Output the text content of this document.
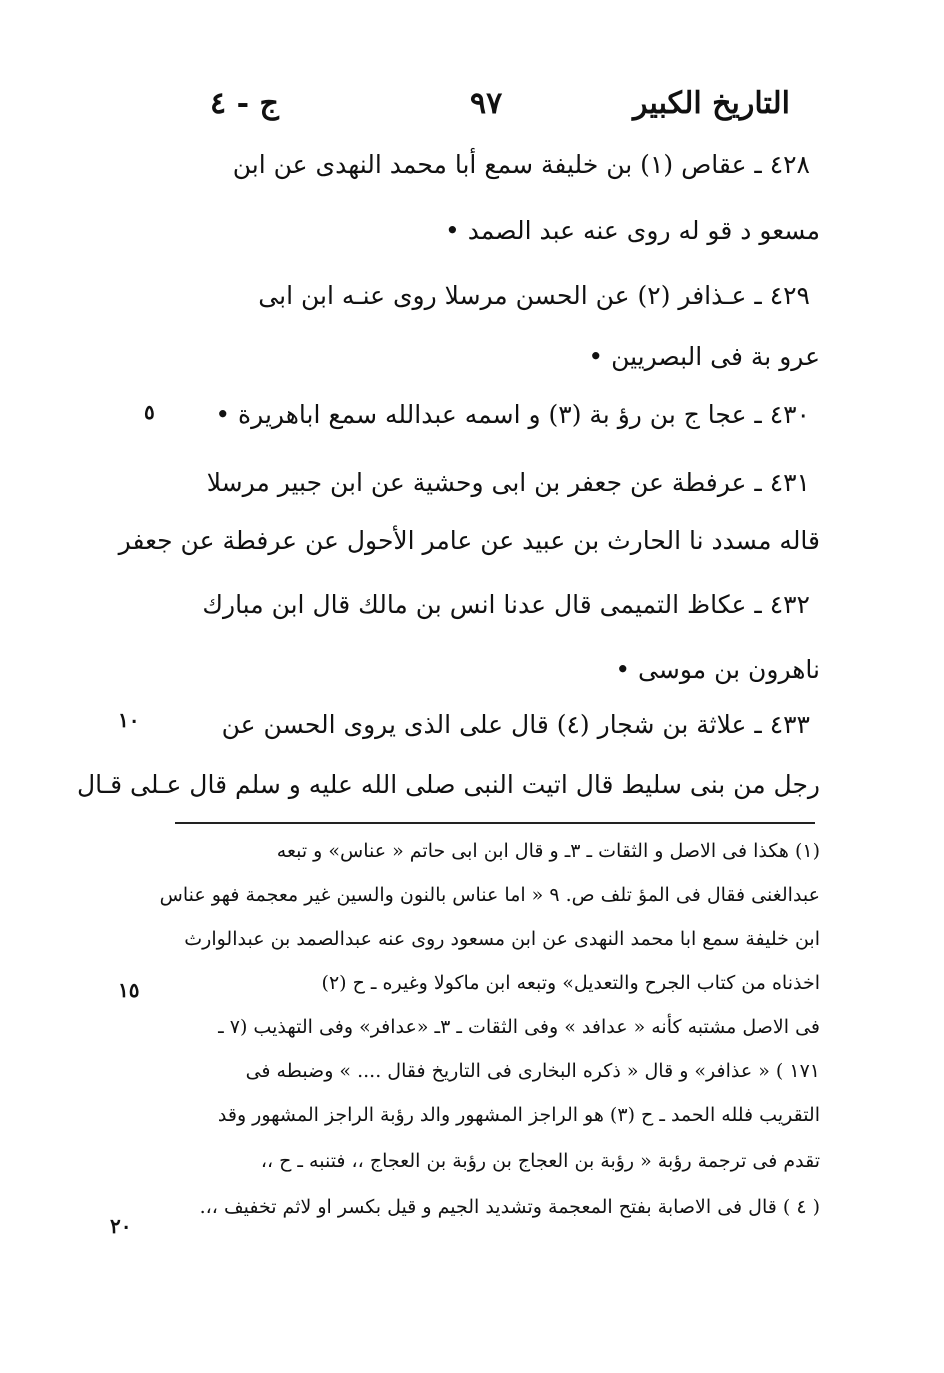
التاريخ الكبير
٩٧
ج - ٤
٤٢٨ ـ عقاص (١) بن خليفة سمع أبا محمد النهدى عن ابن
مسعو د قو له روى عنه عبد الصمد •
٤٢٩ ـ عـذافر (٢) عن الحسن مرسلا روى عنـه ابن ابى
عرو بة فى البصريين •
٤٣٠ ـ عجا ج بن رؤ بة (٣) و اسمه عبدالله سمع اباهريرة •
٤٣١ ـ عرفطة عن جعفر بن ابى وحشية عن ابن جبير مرسلا
قاله مسدد نا الحارث بن عبيد عن عامر الأحول عن عرفطة عن جعفر
٤٣٢ ـ عكاظ التميمى قال عدنا انس بن مالك قال ابن مبارك
ناهرون بن موسى •
٤٣٣ ـ علاثة بن شجار (٤) قال على الذى يروى الحسن عن
رجل من بنى سليط قال اتيت النبى صلى الله عليه و سلم قال عـلى قـال
٥
١٠
١٥
٢٠
(١) هكذا فى الاصل و الثقات ـ ٣ـ و قال ابن ابى حاتم « عناس» و تبعه
عبدالغنى فقال فى المؤ تلف ص. ٩ « اما عناس بالنون والسين غير معجمة فهو عناس
ابن خليفة سمع ابا محمد النهدى عن ابن مسعود روى عنه عبدالصمد بن عبدالوارث
اخذناه من كتاب الجرح والتعديل» وتبعه ابن ماكولا وغيره ـ ح (٢)
فى الاصل مشتبه كأنه « عدافد » وفى الثقات ـ ٣ـ «عدافر» وفى التهذيب (٧ ـ
١٧١ ) « عذافر» و قال « ذكره البخارى فى التاريخ فقال .... » وضبطه فى
التقريب فلله الحمد ـ ح (٣) هو الراجز المشهور والد رؤبة الراجز المشهور وقد
تقدم فى ترجمة رؤبة « رؤبة بن العجاج بن رؤبة بن العجاج ،، فتنبه ـ ح ،،
( ٤ ) قال فى الاصابة بفتح المعجمة وتشديد الجيم و قيل بكسر او لاثم تخفيف ،،.
